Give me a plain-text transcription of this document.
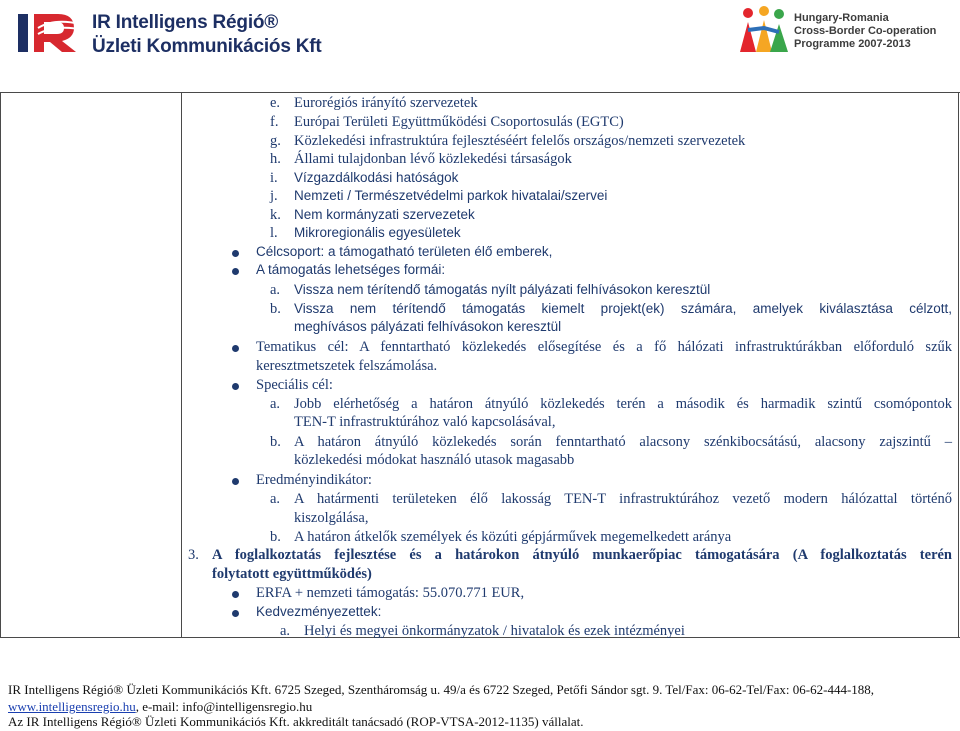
IR Intelligens Régió®
Üzleti Kommunikációs Kft
Hungary-Romania
Cross-Border Co-operation
Programme 2007-2013
e. Eurorégiós irányító szervezetek
f. Európai Területi Együttműködési Csoportosulás (EGTC)
g. Közlekedési infrastruktúra fejlesztéséért felelős országos/nemzeti szervezetek
h. Állami tulajdonban lévő közlekedési társaságok
i. Vízgazdálkodási hatóságok
j. Nemzeti / Természetvédelmi parkok hivatalai/szervei
k. Nem kormányzati szervezetek
l. Mikroregionális egyesületek
Célcsoport: a támogatható területen élő emberek,
A támogatás lehetséges formái:
a. Vissza nem térítendő támogatás nyílt pályázati felhívásokon keresztül
b. Vissza nem térítendő támogatás kiemelt projekt(ek) számára, amelyek kiválasztása célzott,
meghívásos pályázati felhívásokon keresztül
Tematikus cél: A fenntartható közlekedés elősegítése és a fő hálózati infrastruktúrákban előforduló szűk
keresztmetszetek felszámolása.
Speciális cél:
a. Jobb elérhetőség a határon átnyúló közlekedés terén a második és harmadik szintű csomópontok
TEN-T infrastruktúrához való kapcsolásával,
b. A határon átnyúló közlekedés során fenntartható alacsony szénkibocsátású, alacsony zajszintű –
közlekedési módokat használó utasok magasabb
Eredményindikátor:
a. A határmenti területeken élő lakosság TEN-T infrastruktúrához vezető modern hálózattal történő
kiszolgálása,
b. A határon átkelők személyek és közúti gépjárművek megemelkedett aránya
3. A foglalkoztatás fejlesztése és a határokon átnyúló munkaerőpiac támogatására (A foglalkoztatás terén
folytatott együttműködés)
ERFA + nemzeti támogatás: 55.070.771 EUR,
Kedvezményezettek:
a. Helyi és megyei önkormányzatok / hivatalok és ezek intézményei
IR Intelligens Régió® Üzleti Kommunikációs Kft. 6725 Szeged, Szentháromság u. 49/a és 6722 Szeged, Petőfi Sándor sgt. 9. Tel/Fax: 06-62-Tel/Fax: 06-62-444-188,
www.intelligensregio.hu, e-mail: info@intelligensregio.hu
Az IR Intelligens Régió® Üzleti Kommunikációs Kft. akkreditált tanácsadó (ROP-VTSA-2012-1135) vállalat.
